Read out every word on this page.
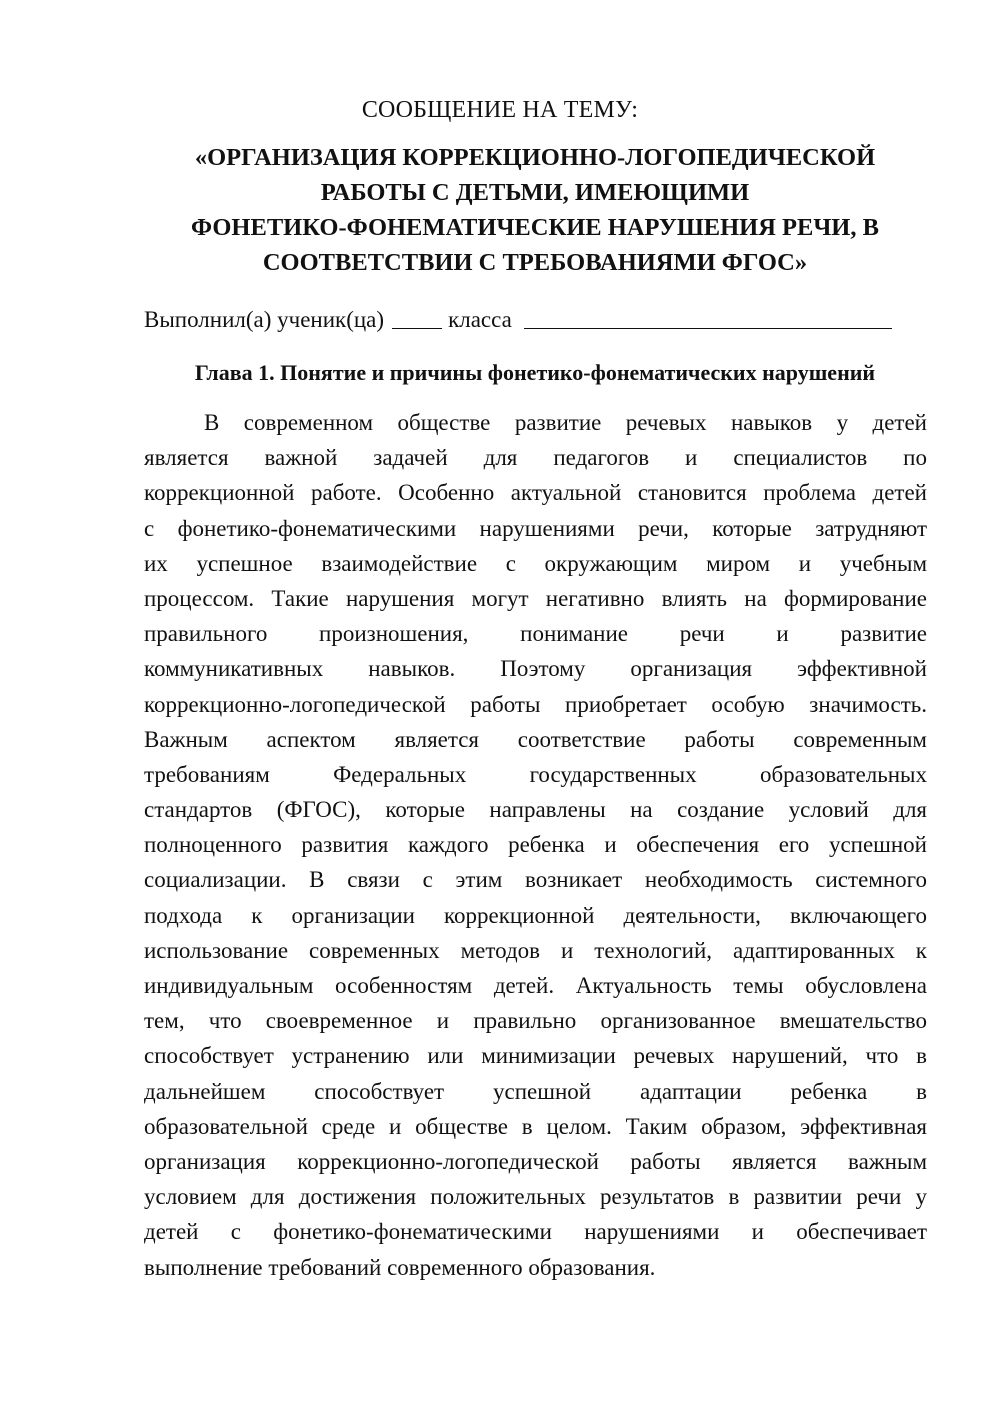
СООБЩЕНИЕ НА ТЕМУ:
«ОРГАНИЗАЦИЯ КОРРЕКЦИОННО-ЛОГОПЕДИЧЕСКОЙ
РАБОТЫ С ДЕТЬМИ, ИМЕЮЩИМИ
ФОНЕТИКО-ФОНЕМАТИЧЕСКИЕ НАРУШЕНИЯ РЕЧИ, В
СООТВЕТСТВИИ С ТРЕБОВАНИЯМИ ФГОС»
Выполнил(а) ученик(ца)	класса
Глава 1. Понятие и причины фонетико-фонематических нарушений
В современном обществе развитие речевых навыков у детей
является важной задачей для педагогов и специалистов по
коррекционной работе. Особенно актуальной становится проблема детей
с фонетико-фонематическими нарушениями речи, которые затрудняют
их успешное взаимодействие с окружающим миром и учебным
процессом. Такие нарушения могут негативно влиять на формирование
правильного произношения, понимание речи и развитие
коммуникативных навыков. Поэтому организация эффективной
коррекционно-логопедической работы приобретает особую значимость.
Важным аспектом является соответствие работы современным
требованиям Федеральных государственных образовательных
стандартов (ФГОС), которые направлены на создание условий для
полноценного развития каждого ребенка и обеспечения его успешной
социализации. В связи с этим возникает необходимость системного
подхода к организации коррекционной деятельности, включающего
использование современных методов и технологий, адаптированных к
индивидуальным особенностям детей. Актуальность темы обусловлена
тем, что своевременное и правильно организованное вмешательство
способствует устранению или минимизации речевых нарушений, что в
дальнейшем способствует успешной адаптации ребенка в
образовательной среде и обществе в целом. Таким образом, эффективная
организация коррекционно-логопедической работы является важным
условием для достижения положительных результатов в развитии речи у
детей с фонетико-фонематическими нарушениями и обеспечивает
выполнение требований современного образования.
